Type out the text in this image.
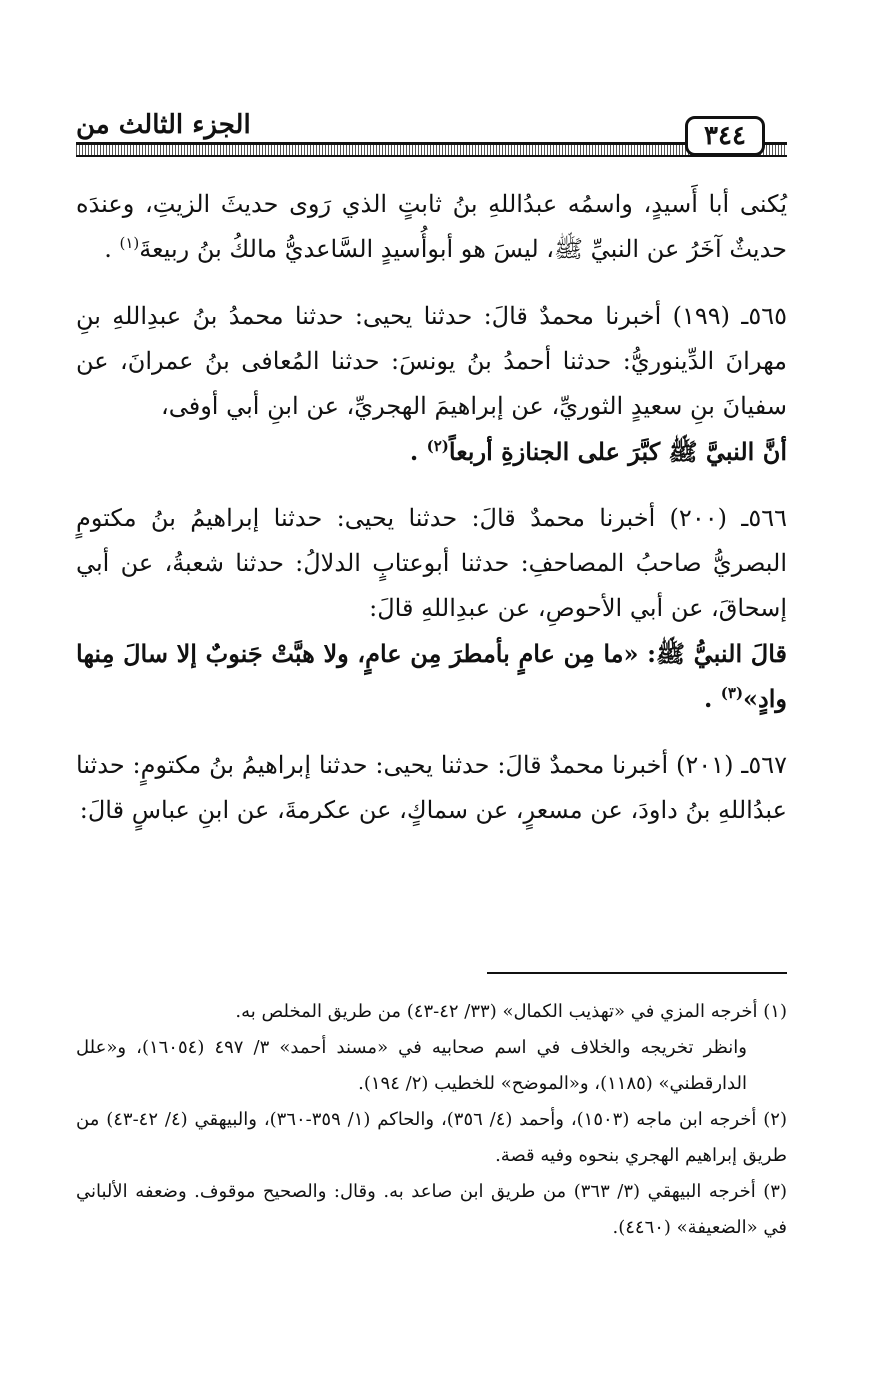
الجزء الثالث من	٣٤٤

يُكنى أبا أَسيدٍ، واسمُه عبدُاللهِ بنُ ثابتٍ الذي رَوى حديثَ الزيتِ، وعندَه حديثٌ آخَرُ عن النبيِّ ﷺ، ليسَ هو أبوأُسيدٍ السَّاعديُّ مالكُ بنُ ربيعةَ$^{(١)}$ .

٥٦٥ـ (١٩٩) أخبرنا محمدٌ قالَ: حدثنا يحيى: حدثنا محمدُ بنُ عبدِاللهِ بنِ مهرانَ الدِّينوريُّ: حدثنا أحمدُ بنُ يونسَ: حدثنا المُعافى بنُ عمرانَ، عن سفيانَ بنِ سعيدٍ الثوريِّ، عن إبراهيمَ الهجريِّ، عن ابنِ أبي أوفى،

أنَّ النبيَّ ﷺ كبَّرَ على الجنازةِ أربعاً$^{(٢)}$ .

٥٦٦ـ (٢٠٠) أخبرنا محمدٌ قالَ: حدثنا يحيى: حدثنا إبراهيمُ بنُ مكتومٍ البصريُّ صاحبُ المصاحفِ: حدثنا أبوعتابٍ الدلالُ: حدثنا شعبةُ، عن أبي إسحاقَ، عن أبي الأحوصِ، عن عبدِاللهِ قالَ:

قالَ النبيُّ ﷺ: «ما مِن عامٍ بأمطرَ مِن عامٍ، ولا هبَّتْ جَنوبٌ إلا سالَ مِنها وادٍ»$^{(٣)}$ .

٥٦٧ـ (٢٠١) أخبرنا محمدٌ قالَ: حدثنا يحيى: حدثنا إبراهيمُ بنُ مكتومٍ: حدثنا عبدُاللهِ بنُ داودَ، عن مسعرٍ، عن سماكٍ، عن عكرمةَ، عن ابنِ عباسٍ قالَ:

(١) أخرجه المزي في «تهذيب الكمال» (٣٣/ ٤٢-٤٣) من طريق المخلص به.

وانظر تخريجه والخلاف في اسم صحابيه في «مسند أحمد» ٣/ ٤٩٧ (١٦٠٥٤)، و«علل الدارقطني» (١١٨٥)، و«الموضح» للخطيب (٢/ ١٩٤).

(٢) أخرجه ابن ماجه (١٥٠٣)، وأحمد (٤/ ٣٥٦)، والحاكم (١/ ٣٥٩-٣٦٠)، والبيهقي (٤/ ٤٢-٤٣) من طريق إبراهيم الهجري بنحوه وفيه قصة.

(٣) أخرجه البيهقي (٣/ ٣٦٣) من طريق ابن صاعد به. وقال: والصحيح موقوف. وضعفه الألباني في «الضعيفة» (٤٤٦٠).
